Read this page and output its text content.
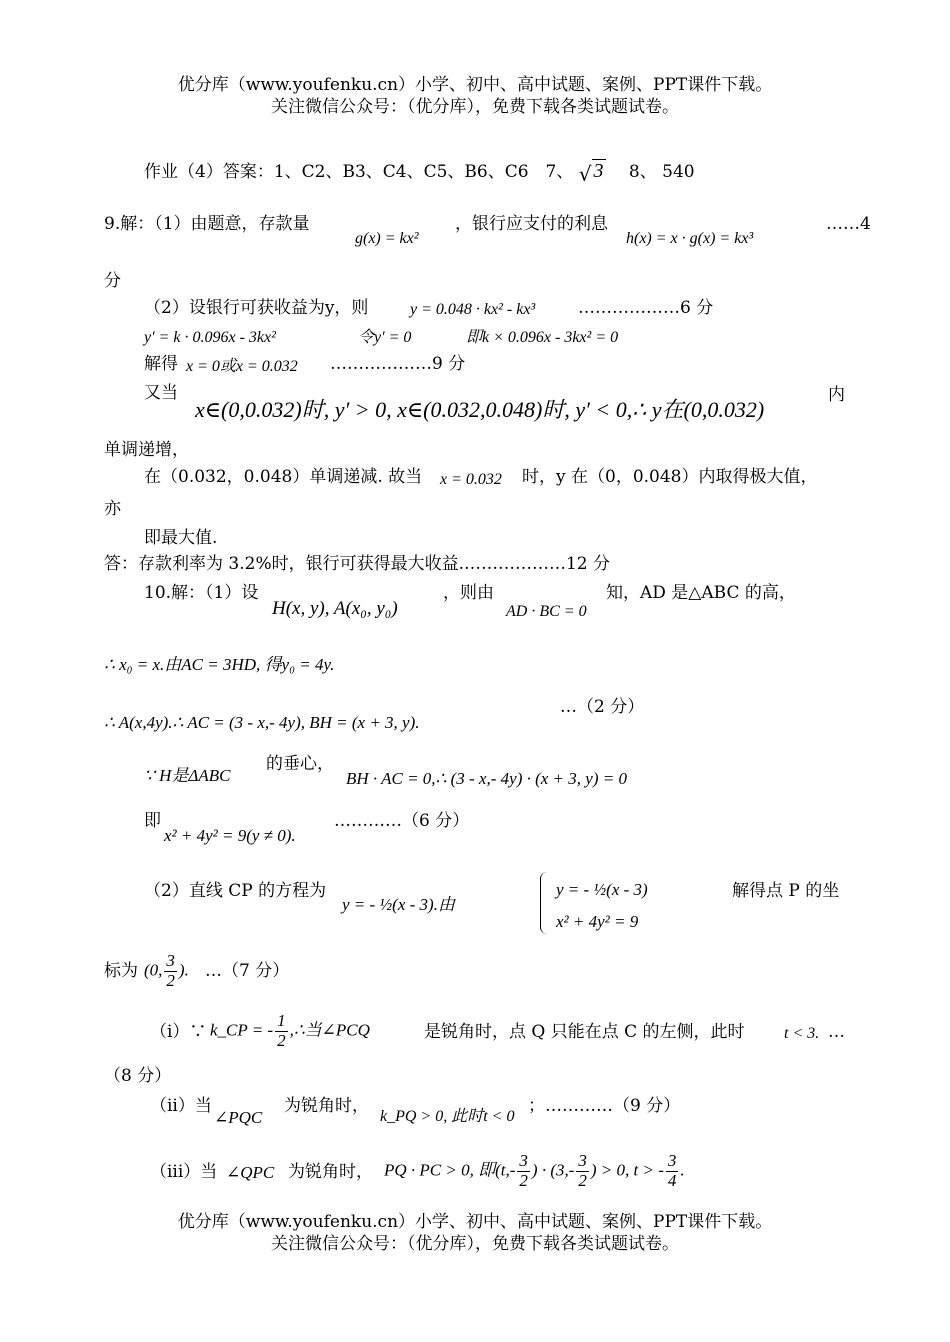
优分库（www.youfenku.cn）小学、初中、高中试题、案例、PPT课件下载。
关注微信公众号：（优分库），免费下载各类试题试卷。
作业（4）答案：1、C2、B3、C4、C5、B6、C6　7、 √ 3 8、 540
9.解：（1）由题意，存款量
g(x) = kx²
，银行应支付的利息
h(x) = x · g(x) = kx³
……4
分
（2）设银行可获收益为y，则	y = 0.048 · kx² - kx³	………………6 分
y′ = k · 0.096x - 3kx²	令y′ = 0	即k × 0.096x - 3kx² = 0
解得 x = 0或x = 0.032 ………………9 分
又当
x∈(0,0.032)时, y′ > 0, x∈(0.032,0.048)时, y′ < 0,∴ y在(0,0.032)
内
单调递增，
在（0.032，0.048）单调递减. 故当 x = 0.032 时，y 在（0，0.048）内取得极大值，
亦
即最大值.
答：存款利率为 3.2%时，银行可获得最大收益.………………12 分
10.解：（1）设
H(x, y), A(x₀, y₀)
，则由
AD · BC = 0
知，AD 是△ABC 的高，
∴ x₀ = x.由AC = 3HD, 得y₀ = 4y.
∴ A(x,4y).∴ AC = (3 - x,- 4y), BH = (x + 3, y).
…（2 分）
∵ H是ΔABC
的垂心，
BH · AC = 0,∴ (3 - x,- 4y) · (x + 3, y) = 0
即
x² + 4y² = 9(y ≠ 0).
…………（6 分）
（2）直线 CP 的方程为
y = - ½(x - 3).由
y = - ½(x - 3)
x² + 4y² = 9
解得点 P 的坐
标为 (0, $\frac{3}{2}$ ). …（7 分）
（i）∵ k_CP = - $\frac{1}{2}$ ,∴当∠PCQ	是锐角时，点 Q 只能在点 C 的左侧，此时 t < 3. …
（8 分）
（ii）当
∠PQC
为锐角时，
k_PQ > 0, 此时t < 0
；…………（9 分）
（iii）当 ∠QPC 为锐角时， PQ · PC > 0, 即($t,- \frac{3}{2}$ ) · ($3,- \frac{3}{2}$ ) > 0, t > - $\frac{3}{4}$ .
优分库（www.youfenku.cn）小学、初中、高中试题、案例、PPT课件下载。
关注微信公众号：（优分库），免费下载各类试题试卷。
